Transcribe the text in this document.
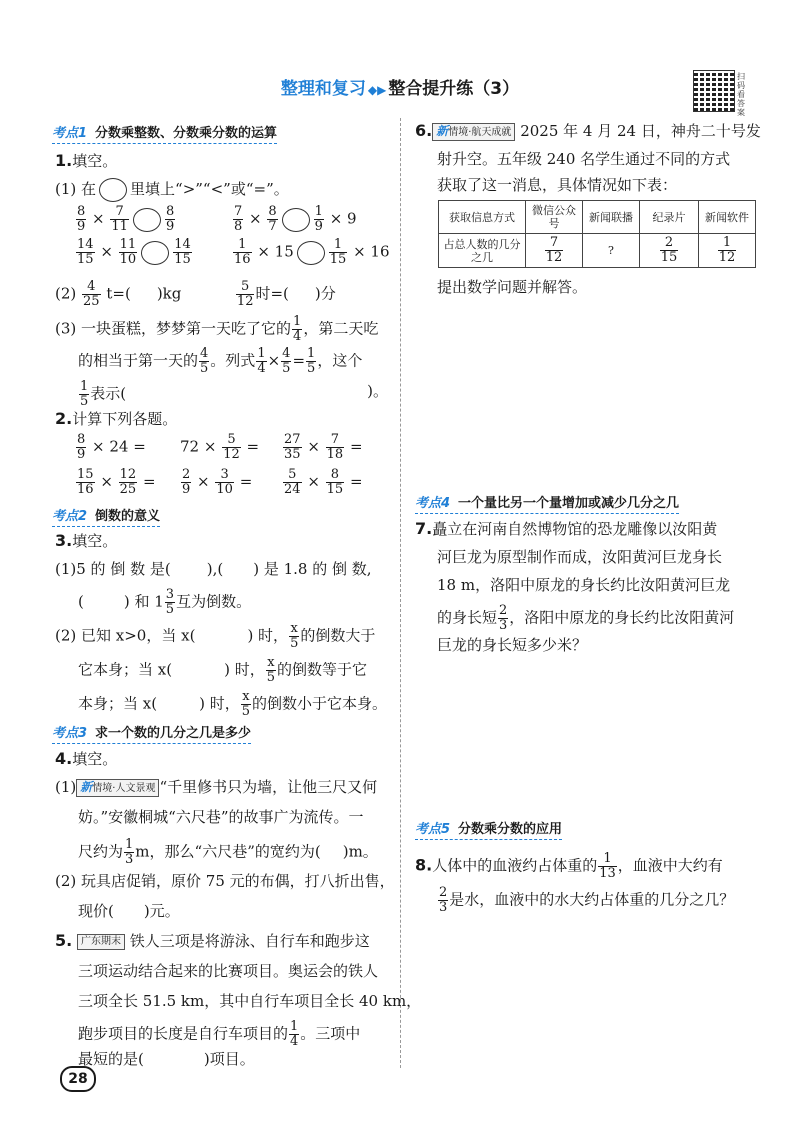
整理和复习 ◆▶ 整合提升练（3）
扫码看答案
考点1 分数乘整数、分数乘分数的运算
1.填空。
(1) 在 里填上“>”“<”或“=”。
$\frac{8}{9} \times \frac{7}{11}$	$\frac{8}{9}$	$\frac{7}{8} \times \frac{8}{7}$	$\frac{1}{9} \times 9$
$\frac{14}{15} \times \frac{11}{10}$	$\frac{14}{15}$	$\frac{1}{16} \times 15$	$\frac{1}{15} \times 16$
$(2) \frac{4}{25} t=$( )kg	$\frac{5}{12}$ 时=( )分
(3) 一块蛋糕，梦梦第一天吃了它的 $\frac{1}{4}$ ，第二天吃
的相当于第一天的 $\frac{4}{5}$ 。列式 $\frac{1}{4} \times \frac{4}{5} = \frac{1}{5}$ ，这个
$\frac{1}{5}$ 表示(	)。
2.计算下列各题。
$\frac{8}{9} \times 24 = 72 \times \frac{5}{12} = \frac{27}{35} \times \frac{7}{18}$ =
$\frac{15}{16} \times \frac{12}{25} = \frac{2}{9} \times \frac{3}{10} = \frac{5}{24} \times \frac{8}{15}$ =
考点2 倒数的意义
3.填空。
(1)5 的 倒 数 是( ),( ) 是 1.8 的 倒 数,
(	) 和 $1 \frac{3}{5}$ 互为倒数。
(2) 已知 x>0，当 x(	) 时， $\frac{x}{5}$ 的倒数大于
它本身；当 x(	) 时， $\frac{x}{5}$ 的倒数等于它
本身；当 x(	) 时， $\frac{x}{5}$ 的倒数小于它本身。
考点3 求一个数的几分之几是多少
4.填空。
(1) 新情境·人文景观 “千里修书只为墙，让他三尺又何
妨。”安徽桐城“六尺巷”的故事广为流传。一
尺约为 $\frac{1}{3}$ m，那么“六尺巷”的宽约为( )m。
(2) 玩具店促销，原价 75 元的布偶，打八折出售，
现价( )元。
5. 广东期末 铁人三项是将游泳、自行车和跑步这
三项运动结合起来的比赛项目。奥运会的铁人
三项全长 51.5 km，其中自行车项目全长 40 km，
跑步项目的长度是自行车项目的 $\frac{1}{4}$ 。三项中
最短的是(	)项目。
28
6. 新情境·航天成就 2025 年 4 月 24 日，神舟二十号发
射升空。五年级 240 名学生通过不同的方式
获取了这一消息，具体情况如下表：
获取信息方式	微信公众号	新闻联播	纪录片	新闻软件
占总人数的几分之几	$\frac{7}{12}$	?	$\frac{2}{15}$	$\frac{1}{12}$
提出数学问题并解答。
考点4 一个量比另一个量增加或减少几分之几
7.矗立在河南自然博物馆的恐龙雕像以汝阳黄
河巨龙为原型制作而成，汝阳黄河巨龙身长
18 m，洛阳中原龙的身长约比汝阳黄河巨龙
的身长短 $\frac{2}{3}$ ，洛阳中原龙的身长约比汝阳黄河
巨龙的身长短多少米？
考点5 分数乘分数的应用
8.人体中的血液约占体重的 $\frac{1}{13}$ ，血液中大约有
$\frac{2}{3}$ 是水，血液中的水大约占体重的几分之几？
